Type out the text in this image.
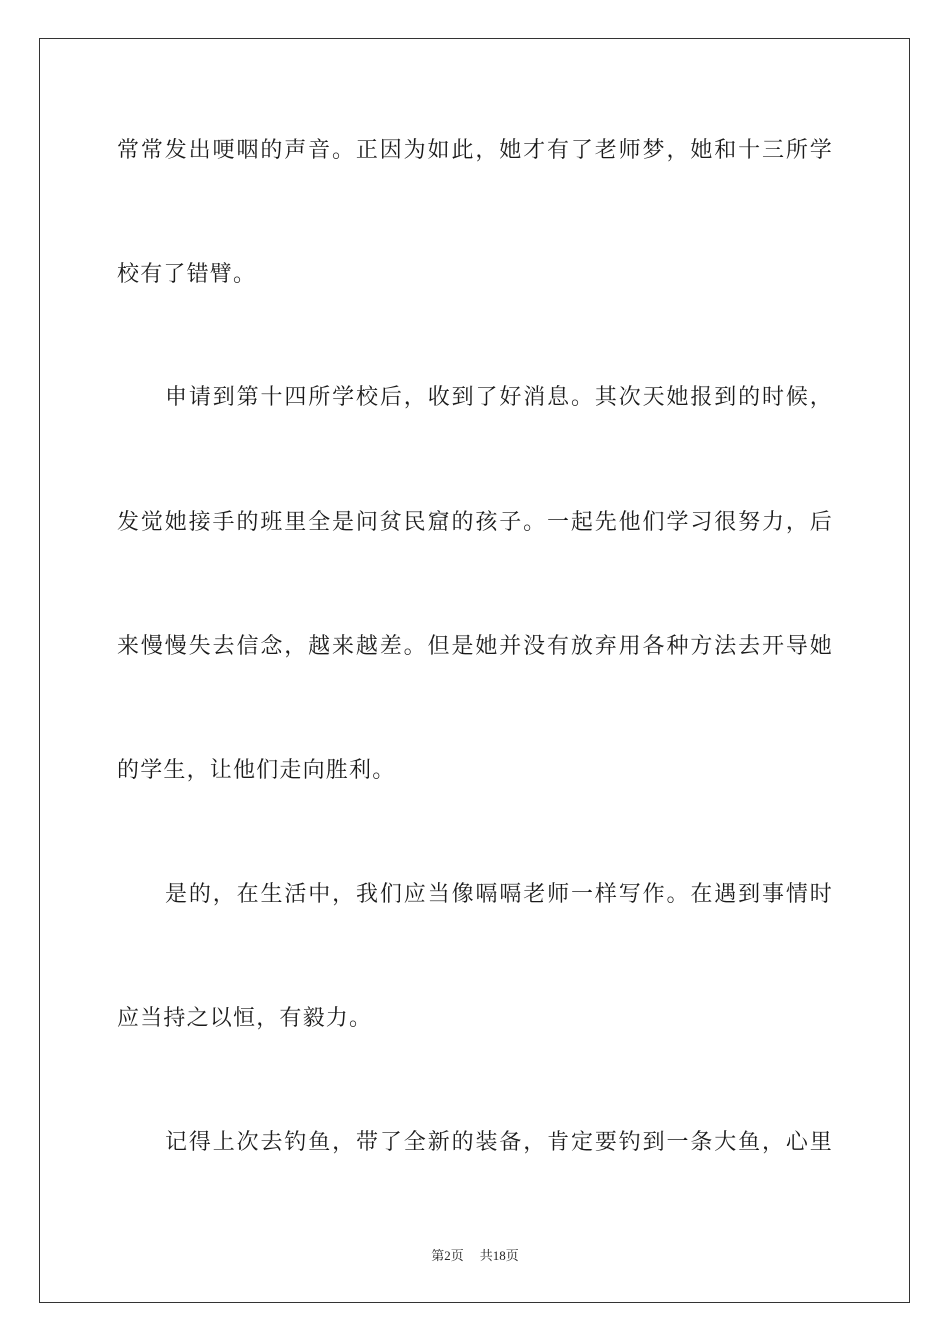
常常发出哽咽的声音。正因为如此，她才有了老师梦，她和十三所学
校有了错臂。
申请到第十四所学校后，收到了好消息。其次天她报到的时候，
发觉她接手的班里全是问贫民窟的孩子。一起先他们学习很努力，后
来慢慢失去信念，越来越差。但是她并没有放弃用各种方法去开导她
的学生，让他们走向胜利。
是的，在生活中，我们应当像嗝嗝老师一样写作。在遇到事情时
应当持之以恒，有毅力。
记得上次去钓鱼，带了全新的装备，肯定要钓到一条大鱼，心里
第2页 共18页
